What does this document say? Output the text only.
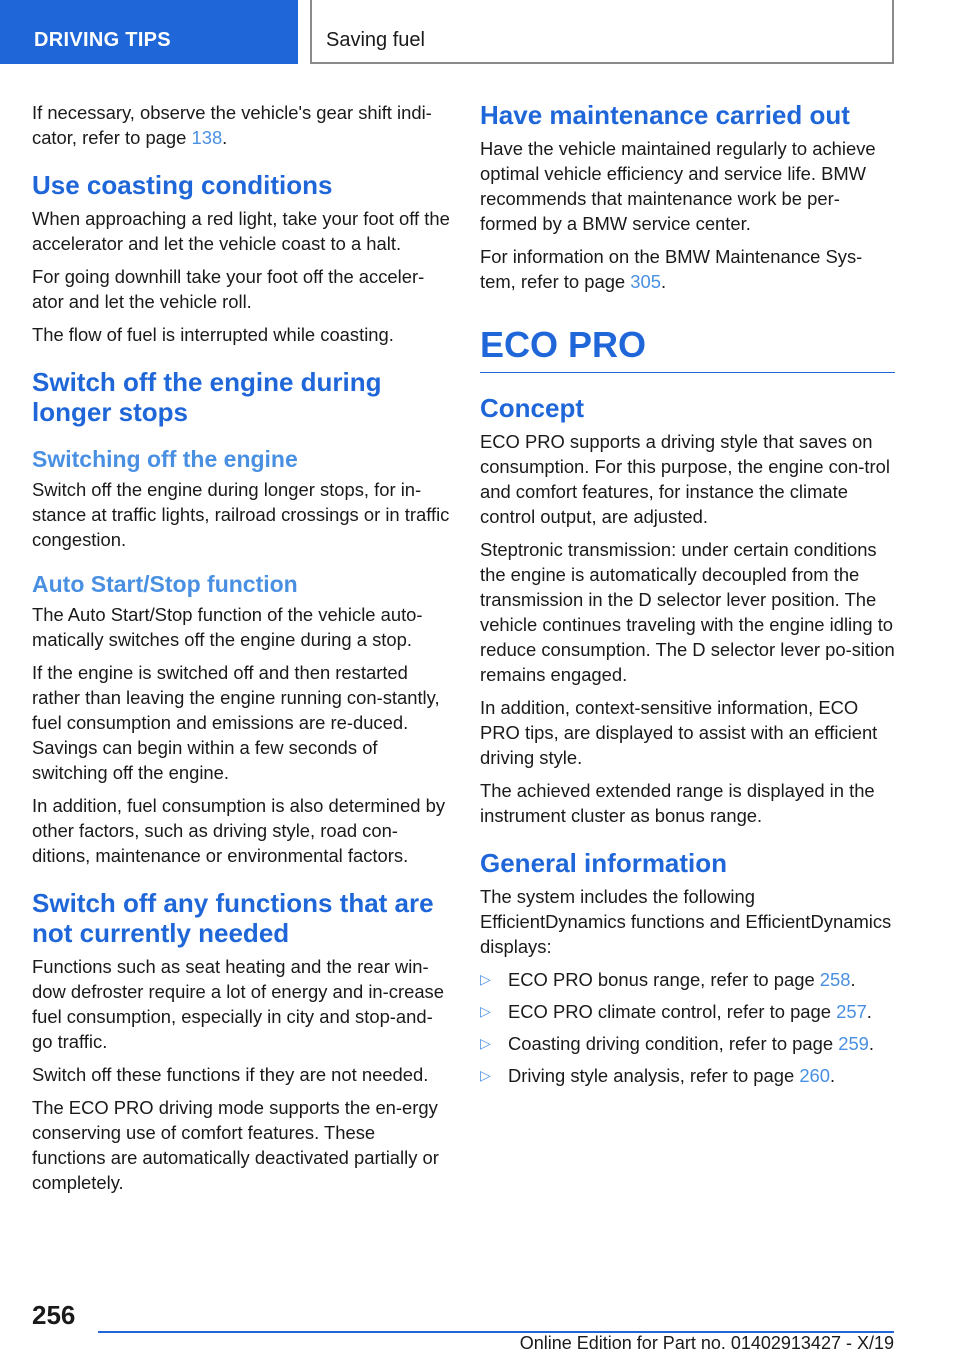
DRIVING TIPS	Saving fuel

If necessary, observe the vehicle's gear shift indi-cator, refer to page 138.

Use coasting conditions

When approaching a red light, take your foot off the accelerator and let the vehicle coast to a halt.

For going downhill take your foot off the acceler-ator and let the vehicle roll.

The flow of fuel is interrupted while coasting.

Switch off the engine during longer stops
Switching off the engine

Switch off the engine during longer stops, for in-stance at traffic lights, railroad crossings or in traffic congestion.

Auto Start/Stop function

The Auto Start/Stop function of the vehicle auto-matically switches off the engine during a stop.

If the engine is switched off and then restarted rather than leaving the engine running con-stantly, fuel consumption and emissions are re-duced. Savings can begin within a few seconds of switching off the engine.

In addition, fuel consumption is also determined by other factors, such as driving style, road con-ditions, maintenance or environmental factors.

Switch off any functions that are not currently needed

Functions such as seat heating and the rear win-dow defroster require a lot of energy and in-crease fuel consumption, especially in city and stop-and-go traffic.

Switch off these functions if they are not needed.

The ECO PRO driving mode supports the en-ergy conserving use of comfort features. These functions are automatically deactivated partially or completely.

Have maintenance carried out

Have the vehicle maintained regularly to achieve optimal vehicle efficiency and service life. BMW recommends that maintenance work be per-formed by a BMW service center.

For information on the BMW Maintenance Sys-tem, refer to page 305.

ECO PRO
Concept

ECO PRO supports a driving style that saves on consumption. For this purpose, the engine con-trol and comfort features, for instance the climate control output, are adjusted.

Steptronic transmission: under certain conditions the engine is automatically decoupled from the transmission in the D selector lever position. The vehicle continues traveling with the engine idling to reduce consumption. The D selector lever po-sition remains engaged.

In addition, context-sensitive information, ECO PRO tips, are displayed to assist with an efficient driving style.

The achieved extended range is displayed in the instrument cluster as bonus range.

General information

The system includes the following EfficientDynamics functions and EfficientDynamics displays:

▷ ECO PRO bonus range, refer to page 258.
▷ ECO PRO climate control, refer to page 257.
▷ Coasting driving condition, refer to page 259.
▷ Driving style analysis, refer to page 260.
256
Online Edition for Part no. 01402913427 - X/19
